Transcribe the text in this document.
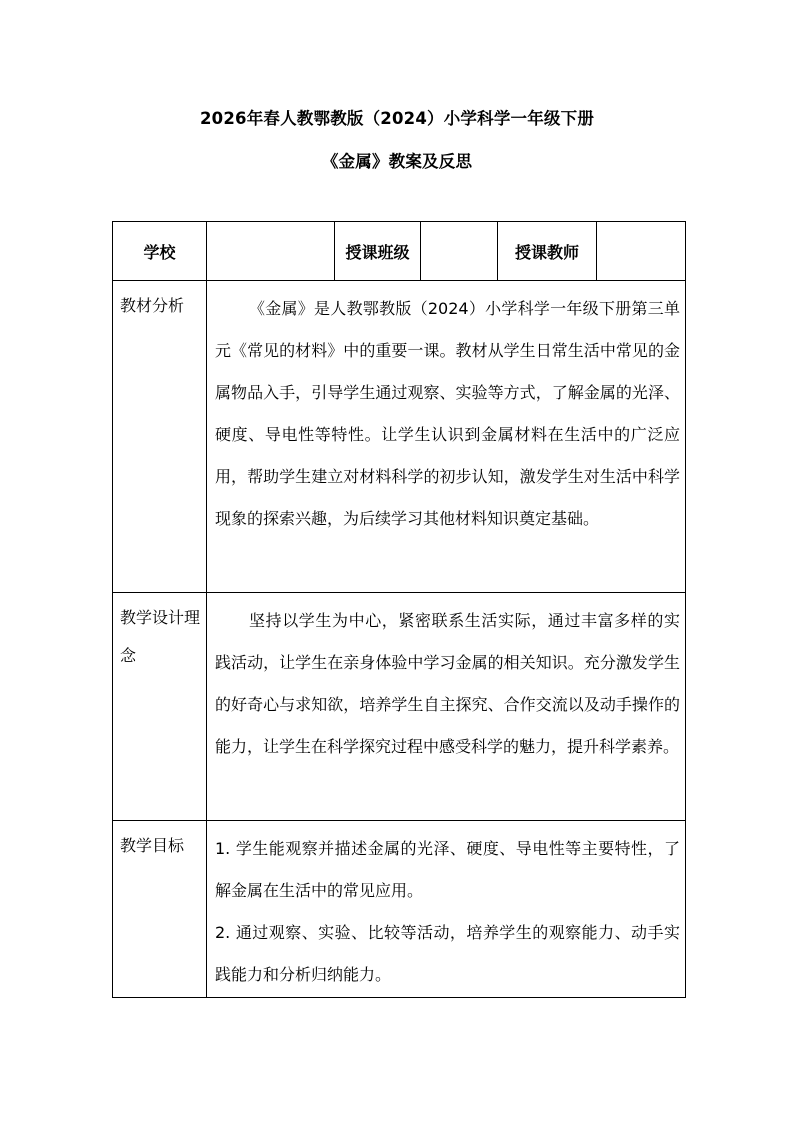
2026年春人教鄂教版（2024）小学科学一年级下册
《金属》教案及反思
学校		授课班级		授课教师	
教材分析	《金属》是人教鄂教版（2024）小学科学一年级下册第三单元《常见的材料》中的重要一课。教材从学生日常生活中常见的金属物品入手，引导学生通过观察、实验等方式，了解金属的光泽、硬度、导电性等特性。让学生认识到金属材料在生活中的广泛应用，帮助学生建立对材料科学的初步认知，激发学生对生活中科学现象的探索兴趣，为后续学习其他材料知识奠定基础。				

教学设计理念	坚持以学生为中心，紧密联系生活实际，通过丰富多样的实践活动，让学生在亲身体验中学习金属的相关知识。充分激发学生的好奇心与求知欲，培养学生自主探究、合作交流以及动手操作的能力，让学生在科学探究过程中感受科学的魅力，提升科学素养。				

教学目标	1. 学生能观察并描述金属的光泽、硬度、导电性等主要特性，了解金属在生活中的常见应用。

2. 通过观察、实验、比较等活动，培养学生的观察能力、动手实践能力和分析归纳能力。				
